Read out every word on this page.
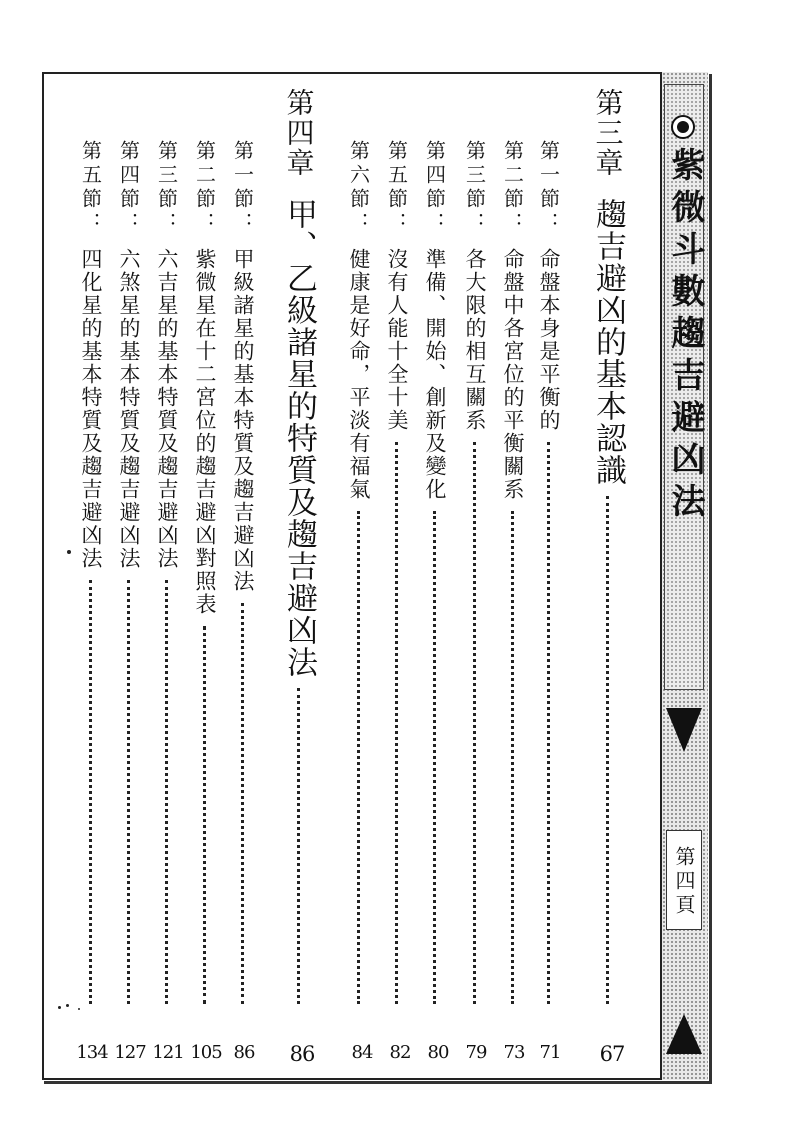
紫微斗數趨吉避凶法
第四頁
第三章
趨吉避凶的基本認識
第一節：
命盤本身是平衡的
第二節：
命盤中各宮位的平衡關系
第三節：
各大限的相互關系
第四節：
準備、開始、創新及變化
第五節：
沒有人能十全十美
第六節：
健康是好命，平淡有福氣
第四章
甲、乙級諸星的特質及趨吉避凶法
第一節：
甲級諸星的基本特質及趨吉避凶法
第二節：
紫微星在十二宮位的趨吉避凶對照表
第三節：
六吉星的基本特質及趨吉避凶法
第四節：
六煞星的基本特質及趨吉避凶法
第五節：
四化星的基本特質及趨吉避凶法
67
71
73
79
80
82
84
86
86
105
121
127
134
